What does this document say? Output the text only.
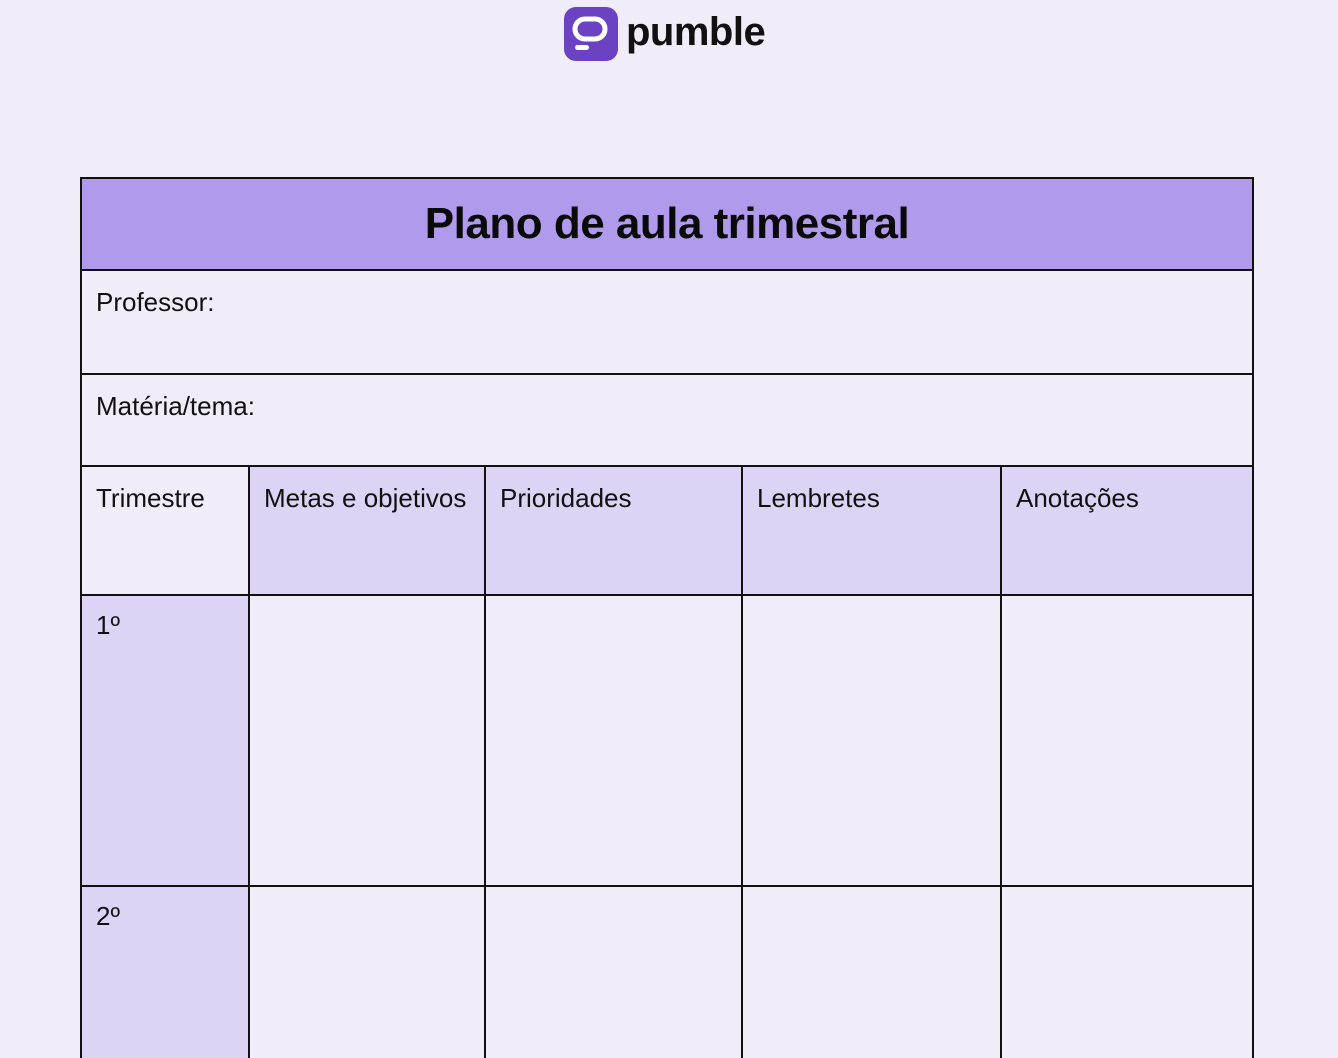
pumble
Plano de aula trimestral				
Professor:				
Matéria/tema:				
Trimestre	Metas e objetivos	Prioridades	Lembretes	Anotações
1º				
2º				
